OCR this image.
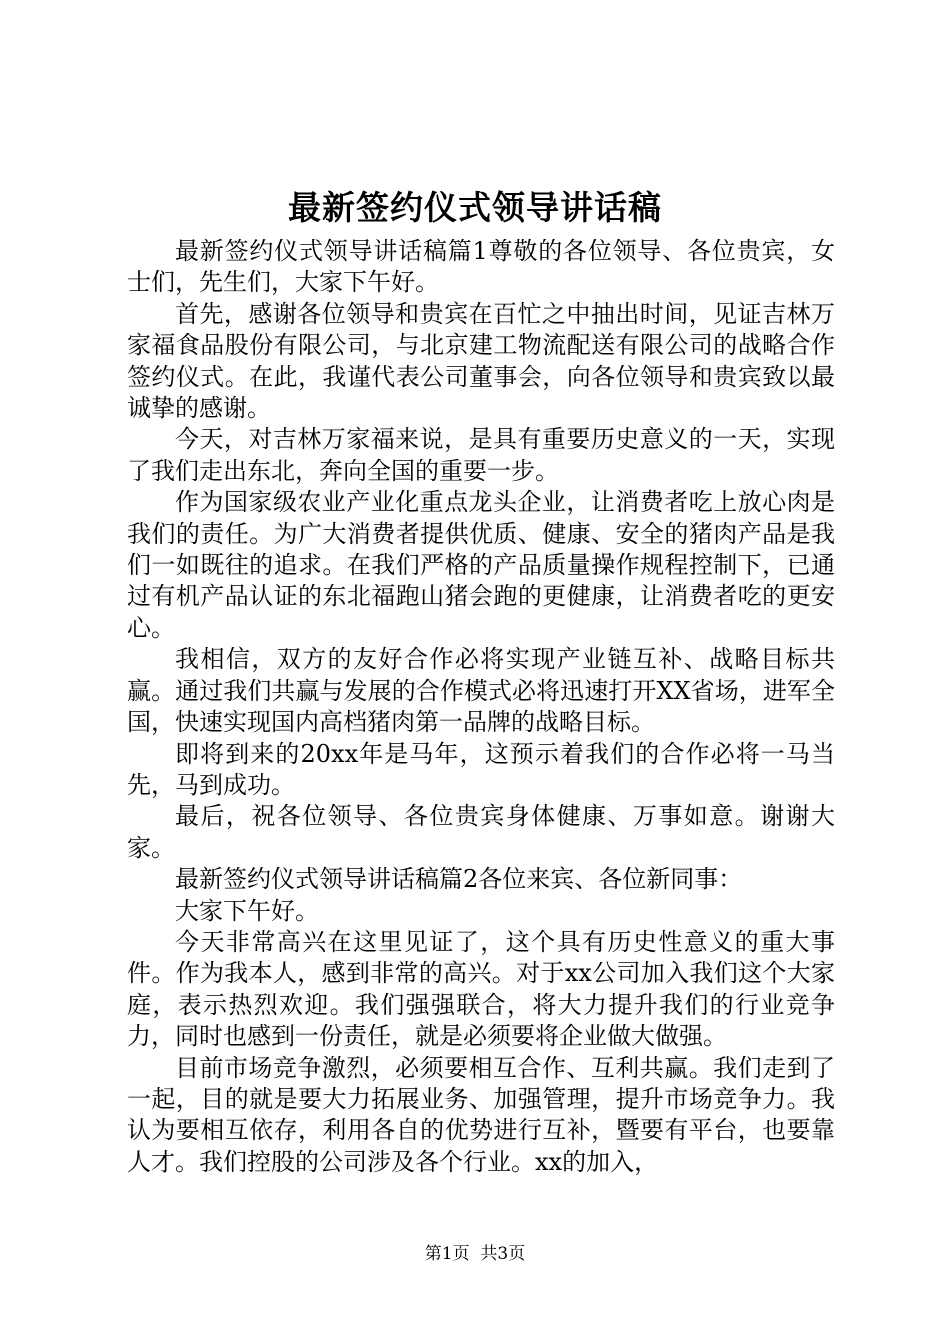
最新签约仪式领导讲话稿

最新签约仪式领导讲话稿篇1尊敬的各位领导、各位贵宾，女士们，先生们，大家下午好。

首先，感谢各位领导和贵宾在百忙之中抽出时间，见证吉林万家福食品股份有限公司，与北京建工物流配送有限公司的战略合作签约仪式。在此，我谨代表公司董事会，向各位领导和贵宾致以最诚挚的感谢。

今天，对吉林万家福来说，是具有重要历史意义的一天，实现了我们走出东北，奔向全国的重要一步。

作为国家级农业产业化重点龙头企业，让消费者吃上放心肉是我们的责任。为广大消费者提供优质、健康、安全的猪肉产品是我们一如既往的追求。在我们严格的产品质量操作规程控制下，已通过有机产品认证的东北福跑山猪会跑的更健康，让消费者吃的更安心。

我相信，双方的友好合作必将实现产业链互补、战略目标共赢。通过我们共赢与发展的合作模式必将迅速打开XX省场，进军全国，快速实现国内高档猪肉第一品牌的战略目标。

即将到来的20xx年是马年，这预示着我们的合作必将一马当先，马到成功。

最后，祝各位领导、各位贵宾身体健康、万事如意。谢谢大家。

最新签约仪式领导讲话稿篇2各位来宾、各位新同事：

大家下午好。

今天非常高兴在这里见证了，这个具有历史性意义的重大事件。作为我本人，感到非常的高兴。对于xx公司加入我们这个大家庭，表示热烈欢迎。我们强强联合，将大力提升我们的行业竞争力，同时也感到一份责任，就是必须要将企业做大做强。

目前市场竞争激烈，必须要相互合作、互利共赢。我们走到了一起，目的就是要大力拓展业务、加强管理，提升市场竞争力。我认为要相互依存，利用各自的优势进行互补，暨要有平台，也要靠人才。我们控股的公司涉及各个行业。xx的加入，

第1页  共3页
